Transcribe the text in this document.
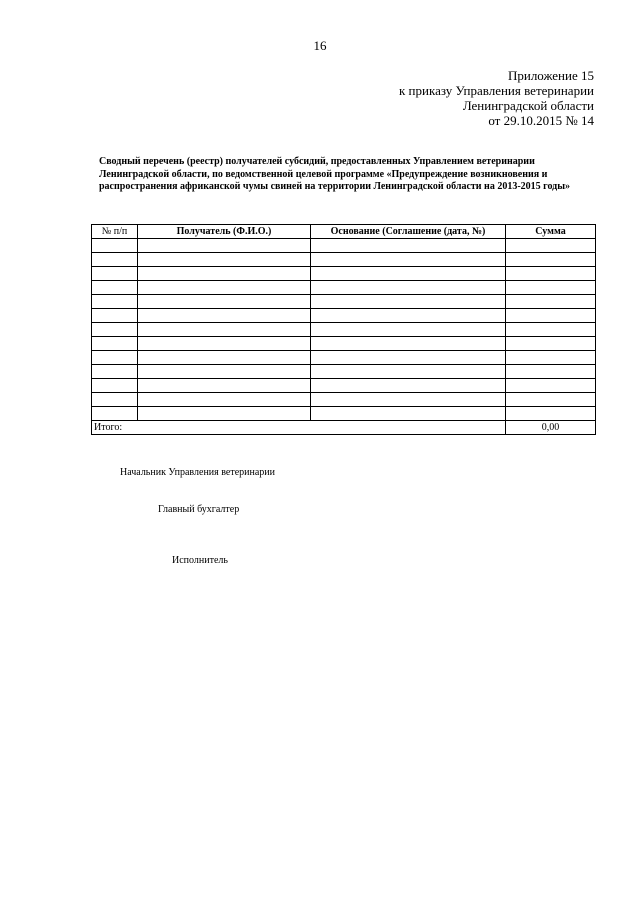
16
Приложение 15
к приказу Управления ветеринарии
Ленинградской области
от 29.10.2015 № 14
Сводный перечень (реестр) получателей субсидий, предоставленных Управлением ветеринарии Ленинградской области, по ведомственной целевой программе «Предупреждение возникновения и распространения африканской чумы свиней на территории Ленинградской области на 2013-2015 годы»
№ п/п	Получатель (Ф.И.О.)	Основание (Соглашение (дата, №)	Сумма

Итого:			0,00
Начальник Управления ветеринарии
Главный бухгалтер
Исполнитель
